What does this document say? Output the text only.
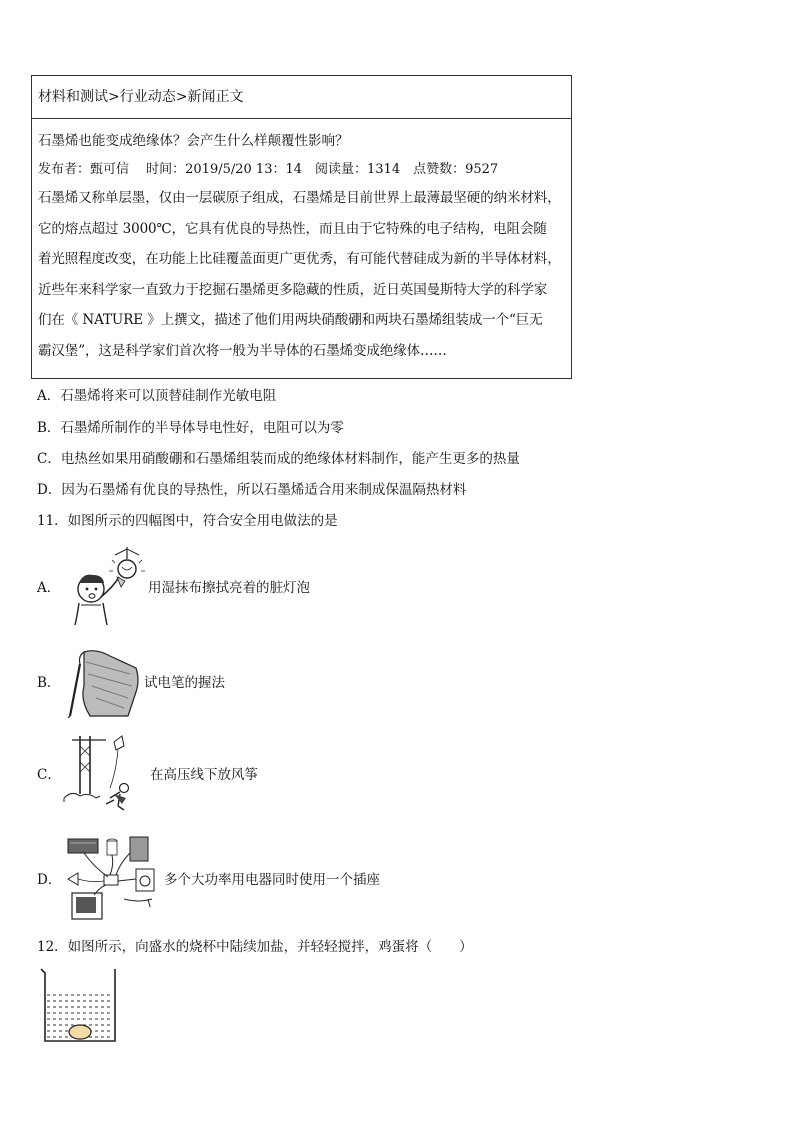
材料和测试>行业动态>新闻正文
石墨烯也能变成绝缘体？会产生什么样颠覆性影响？
发布者：甄可信　 时间：2019/5/20 13：14　阅读量：1314　点赞数：9527
石墨烯又称单层墨，仅由一层碳原子组成，石墨烯是目前世界上最薄最坚硬的纳米材料，
它的熔点超过 3000℃，它具有优良的导热性，而且由于它特殊的电子结构，电阻会随
着光照程度改变，在功能上比硅覆盖面更广更优秀，有可能代替硅成为新的半导体材料，
近些年来科学家一直致力于挖掘石墨烯更多隐藏的性质，近日英国曼斯特大学的科学家
们在《 NATURE 》上撰文，描述了他们用两块硝酸硼和两块石墨烯组装成一个“巨无
霸汉堡”，这是科学家们首次将一般为半导体的石墨烯变成绝缘体……
A．石墨烯将来可以顶替硅制作光敏电阻
B．石墨烯所制作的半导体导电性好，电阻可以为零
C．电热丝如果用硝酸硼和石墨烯组装而成的绝缘体材料制作，能产生更多的热量
D．因为石墨烯有优良的导热性，所以石墨烯适合用来制成保温隔热材料
11．如图所示的四幅图中，符合安全用电做法的是
A．	用湿抹布擦拭亮着的脏灯泡
B．	试电笔的握法
C．	在高压线下放风筝
D．	多个大功率用电器同时使用一个插座
12．如图所示，向盛水的烧杯中陆续加盐，并轻轻搅拌，鸡蛋将（　　）
